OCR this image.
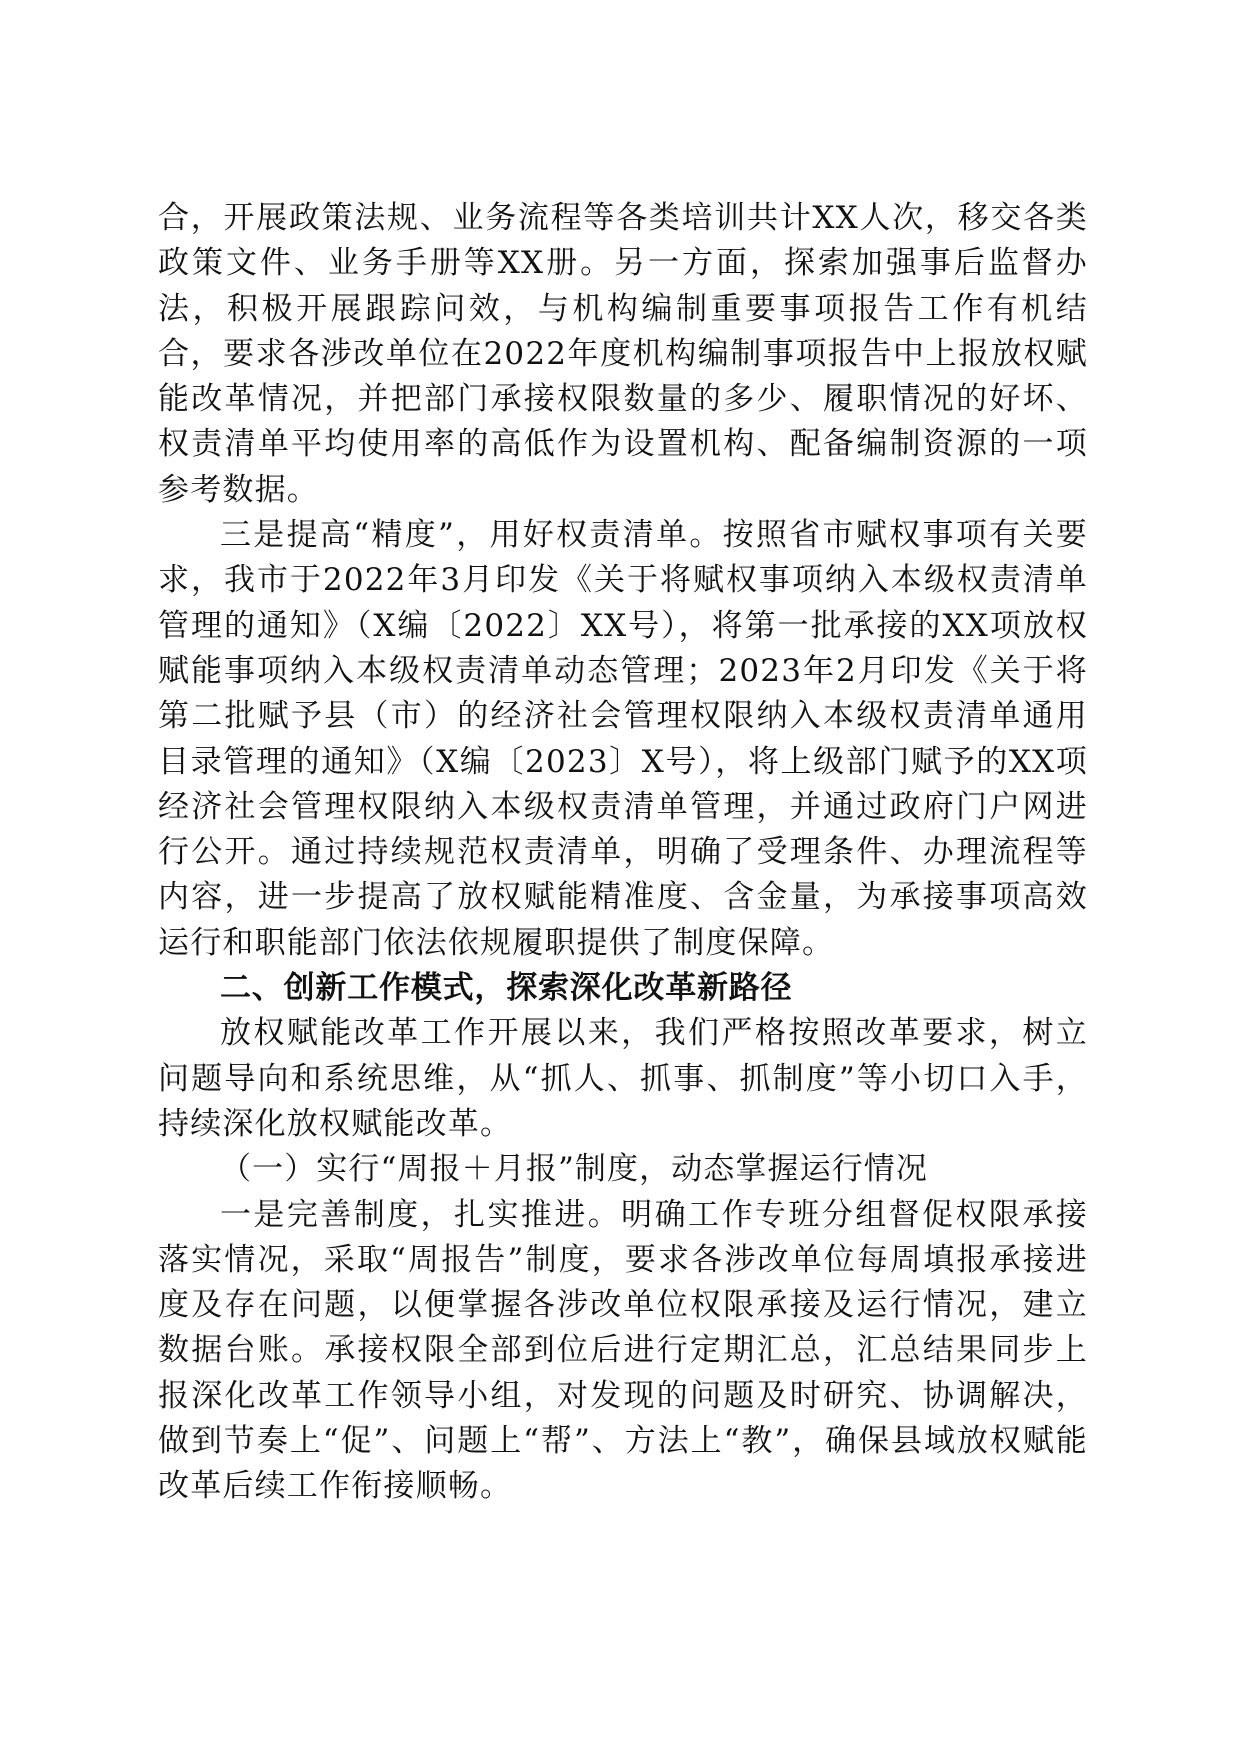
合，开展政策法规、业务流程等各类培训共计XX人次，移交各类政策文件、业务手册等XX册。另一方面，探索加强事后监督办法，积极开展跟踪问效，与机构编制重要事项报告工作有机结合，要求各涉改单位在2022年度机构编制事项报告中上报放权赋能改革情况，并把部门承接权限数量的多少、履职情况的好坏、权责清单平均使用率的高低作为设置机构、配备编制资源的一项参考数据。

三是提高“精度”，用好权责清单。按照省市赋权事项有关要求，我市于2022年3月印发《关于将赋权事项纳入本级权责清单管理的通知》（X编〔2022〕XX号），将第一批承接的XX项放权赋能事项纳入本级权责清单动态管理；2023年2月印发《关于将第二批赋予县（市）的经济社会管理权限纳入本级权责清单通用目录管理的通知》（X编〔2023〕X号），将上级部门赋予的XX项经济社会管理权限纳入本级权责清单管理，并通过政府门户网进行公开。通过持续规范权责清单，明确了受理条件、办理流程等内容，进一步提高了放权赋能精准度、含金量，为承接事项高效运行和职能部门依法依规履职提供了制度保障。

二、创新工作模式，探索深化改革新路径

放权赋能改革工作开展以来，我们严格按照改革要求，树立问题导向和系统思维，从“抓人、抓事、抓制度”等小切口入手，持续深化放权赋能改革。

（一）实行“周报＋月报”制度，动态掌握运行情况

一是完善制度，扎实推进。明确工作专班分组督促权限承接落实情况，采取“周报告”制度，要求各涉改单位每周填报承接进度及存在问题，以便掌握各涉改单位权限承接及运行情况，建立数据台账。承接权限全部到位后进行定期汇总，汇总结果同步上报深化改革工作领导小组，对发现的问题及时研究、协调解决，做到节奏上“促”、问题上“帮”、方法上“教”，确保县域放权赋能改革后续工作衔接顺畅。
